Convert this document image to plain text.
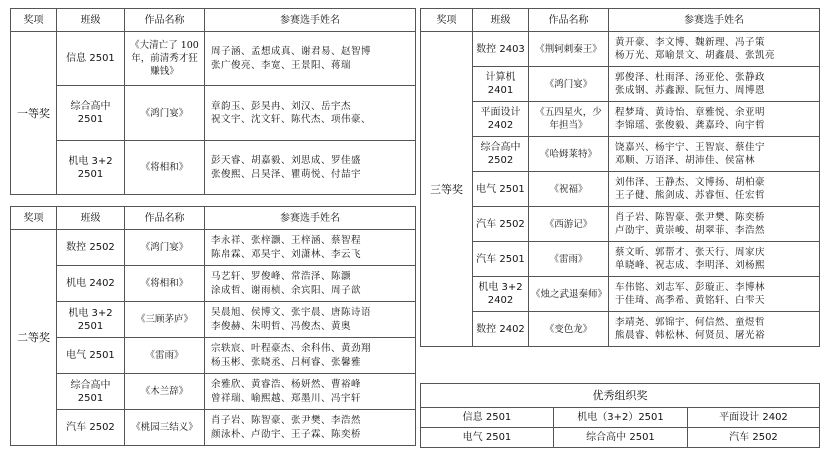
奖项	班级	作品名称	参赛选手姓名
一等奖	信息 2501	《大清亡了 100 年，前清秀才狂赚钱》	周子涵、孟想成真、谢君易、赵智博
张广俊亮、李宽、王景阳、蒋瑞

	综合高中 2501	《鸿门宴》	章韵玉、彭昊冉、刘汉、岳宇杰
祝文宇、沈文轩、陈代杰、项伟豪、

	机电 3+2 2501	《将相和》	彭天睿、胡嘉毅、刘思成、罗佳盛
张俊熙、吕昊泽、瞿萌悦、付喆宇
奖项	班级	作品名称	参赛选手姓名
二等奖	数控 2502	《鸿门宴》	李永祥、张梓灏、王梓涵、蔡智程
陈帛霖、邓昊宇、刘潇林、李云飞

	机电 2402	《将相和》	马艺轩、罗俊峰、常浩泽、陈灏
涂成哲、谢雨桢、余宾阳、周子歆

	机电 3+2 2501	《三顾茅庐》	吴晨旭、侯博文、张宇晨、唐陈诗语
李俊赫、朱明哲、冯俊杰、黄奥

	电气 2501	《雷雨》	宗轶宸、叶程豪杰、余科伟、黄劲翔
杨玉彬、张晓丞、吕柯睿、张馨雅

	综合高中 2501	《木兰辞》	余雅欣、黄睿浩、杨妍然、曹裕峰
曾祥瑞、喻熙越、郑墨川、冯宇轩

	汽车 2502	《桃园三结义》	肖子岩、陈智豪、张尹樊、李浩然
颜泳朴、卢劭宇、王子霖、陈奕桥
奖项	班级	作品名称	参赛选手姓名
三等奖	数控 2403	《荆轲刺秦王》	黄开豪、李文博、魏新理、冯子策
杨万光、郑喻景文、胡鑫晨、张凯亮

	计算机 2401	《鸿门宴》	郭俊泽、杜雨泽、汤亚伦、张静政
张成钢、苏鑫源、阮恒力、周博恩

	平面设计 2402	《五四星火，少年担当》	程梦琦、黄诗怡、章雅悦、余亚明
李锦瑶、张俊毅、龚嘉玲、向宇哲

	综合高中 2502	《哈姆莱特》	饶嘉兴、杨宇宁、王智宸、蔡佳宁
邓顺、万语泽、胡沛佳、侯富林

	电气 2501	《祝福》	刘伟泽、王静杰、文博扬、胡柏豪
王子健、熊剑成、苏睿恒、任宏哲

	汽车 2502	《西游记》	肖子岩、陈智豪、张尹樊、陈奕桥
卢劭宇、黄崇峻、胡翠菲、李浩然

	汽车 2501	《雷雨》	蔡文昕、郭帮才、张天行、周家庆
单晓峰、祝志成、李明泽、刘杨熙

	机电 3+2 2402	《烛之武退秦师》	车伟铭、刘志军、彭璇正、李博林
于佳琦、高季希、黄铭轩、白雫天

	数控 2402	《变色龙》	李靖尧、郭锦宇、何信然、童煜哲
熊晨睿、韩松林、何贤员、屠光裕
优秀组织奖		
信息 2501	机电（3+2）2501	平面设计 2402
电气 2501	综合高中 2501	汽车 2502
